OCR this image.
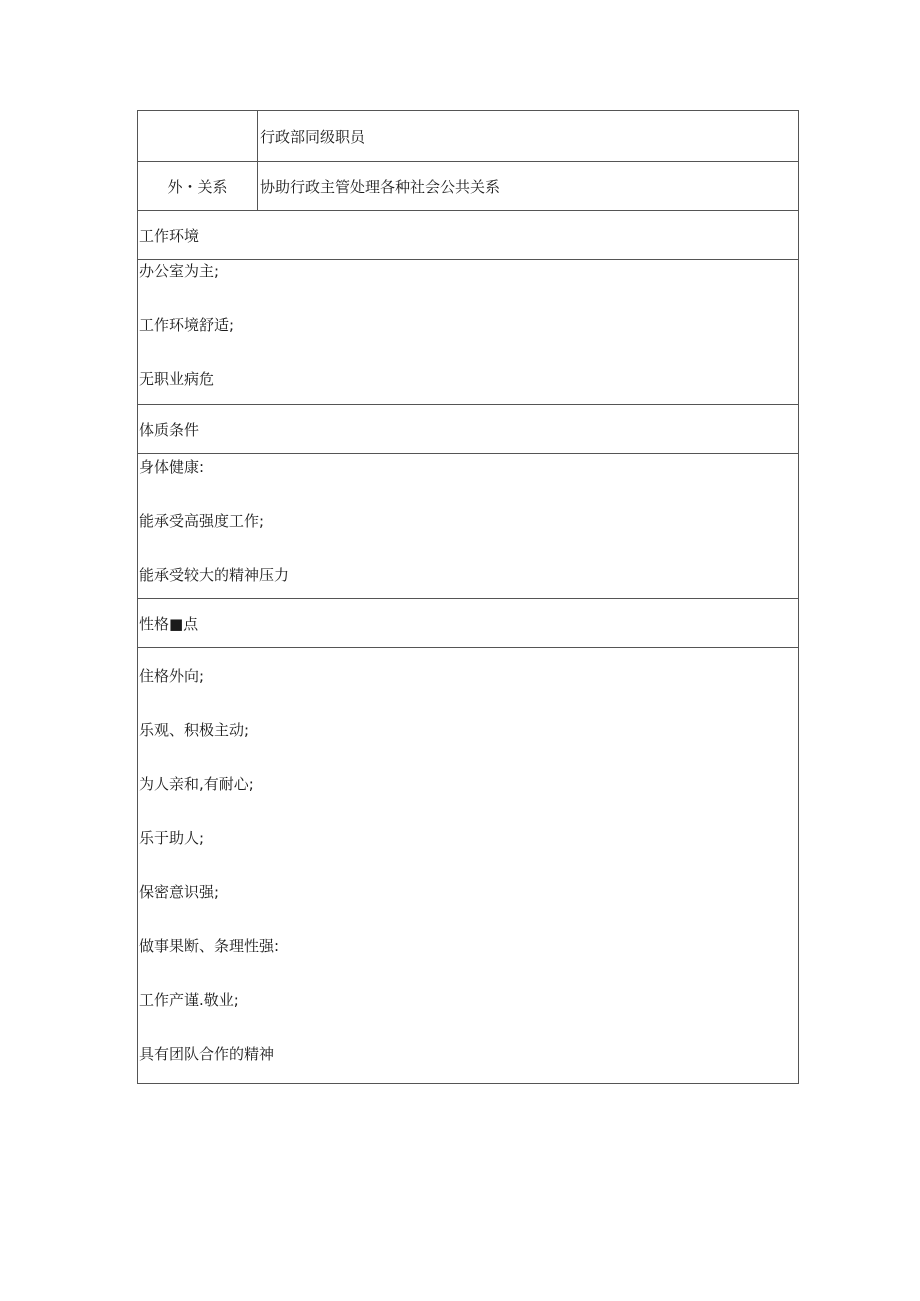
行政部同级职员
外・关系	协助行政主管处理各种社会公共关系
工作环境
办公室为主;
工作环境舒适;
无职业病危
体质条件
身体健康:
能承受高强度工作;
能承受较大的精神压力
性格■点
住格外向;
乐观、积极主动;
为人亲和,有耐心;
乐于助人;
保密意识强;
做事果断、条理性强:
工作产谨.敬业;
具有团队合作的精神
